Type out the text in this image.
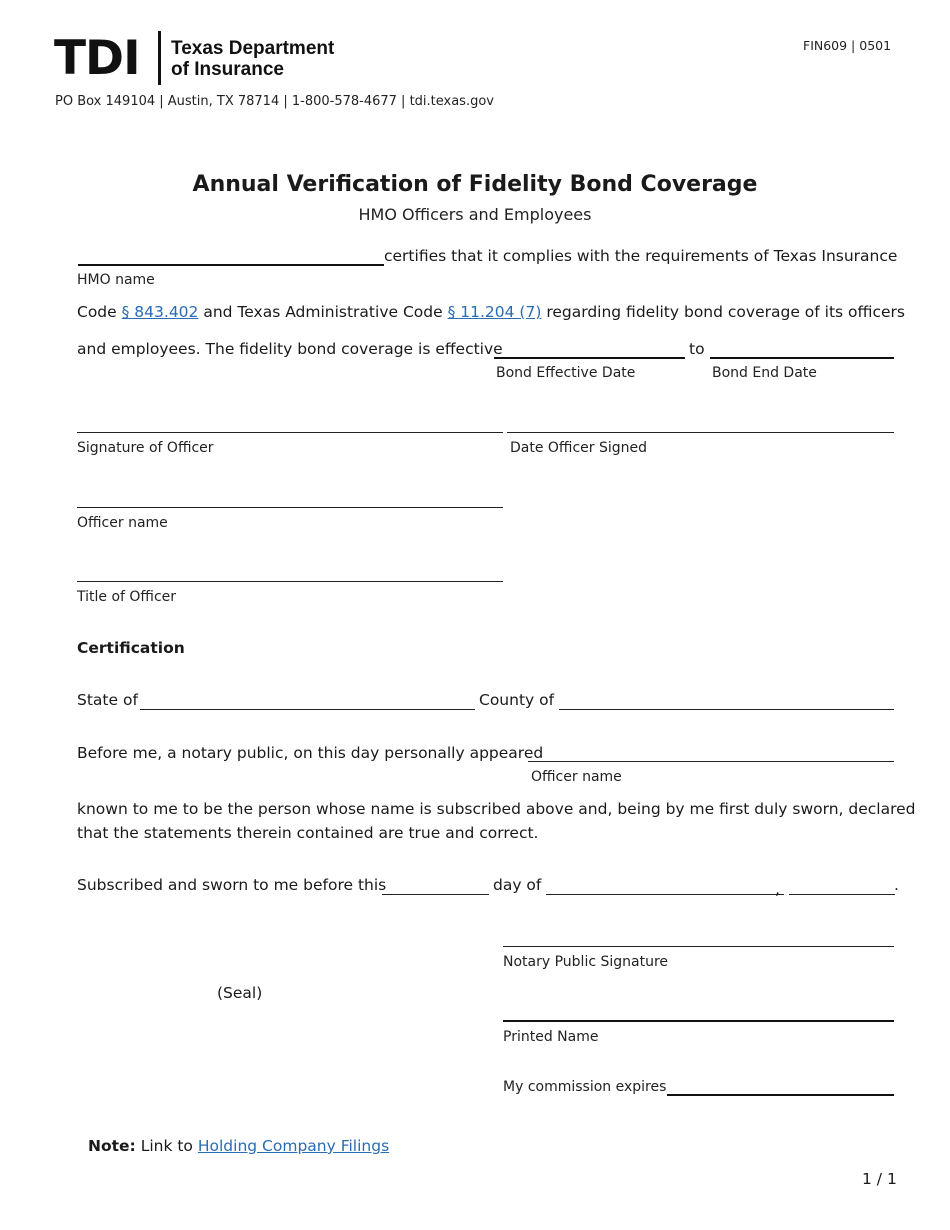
TDI Texas Department
of Insurance
PO Box 149104 | Austin, TX 78714 | 1-800-578-4677 | tdi.texas.gov
FIN609 | 0501
Annual Verification of Fidelity Bond Coverage
HMO Officers and Employees
certifies that it complies with the requirements of Texas Insurance
HMO name
Code § 843.402 and Texas Administrative Code § 11.204 (7) regarding fidelity bond coverage of its officers
and employees. The fidelity bond coverage is effective	to
Bond Effective Date	Bond End Date
Signature of Officer	Date Officer Signed
Officer name
Title of Officer
Certification
State of	County of
Before me, a notary public, on this day personally appeared
Officer name
known to me to be the person whose name is subscribed above and, being by me first duly sworn, declared
that the statements therein contained are true and correct.
Subscribed and sworn to me before this	day of	,	.
Notary Public Signature
(Seal)
Printed Name
My commission expires
Note: Link to Holding Company Filings
1 / 1
